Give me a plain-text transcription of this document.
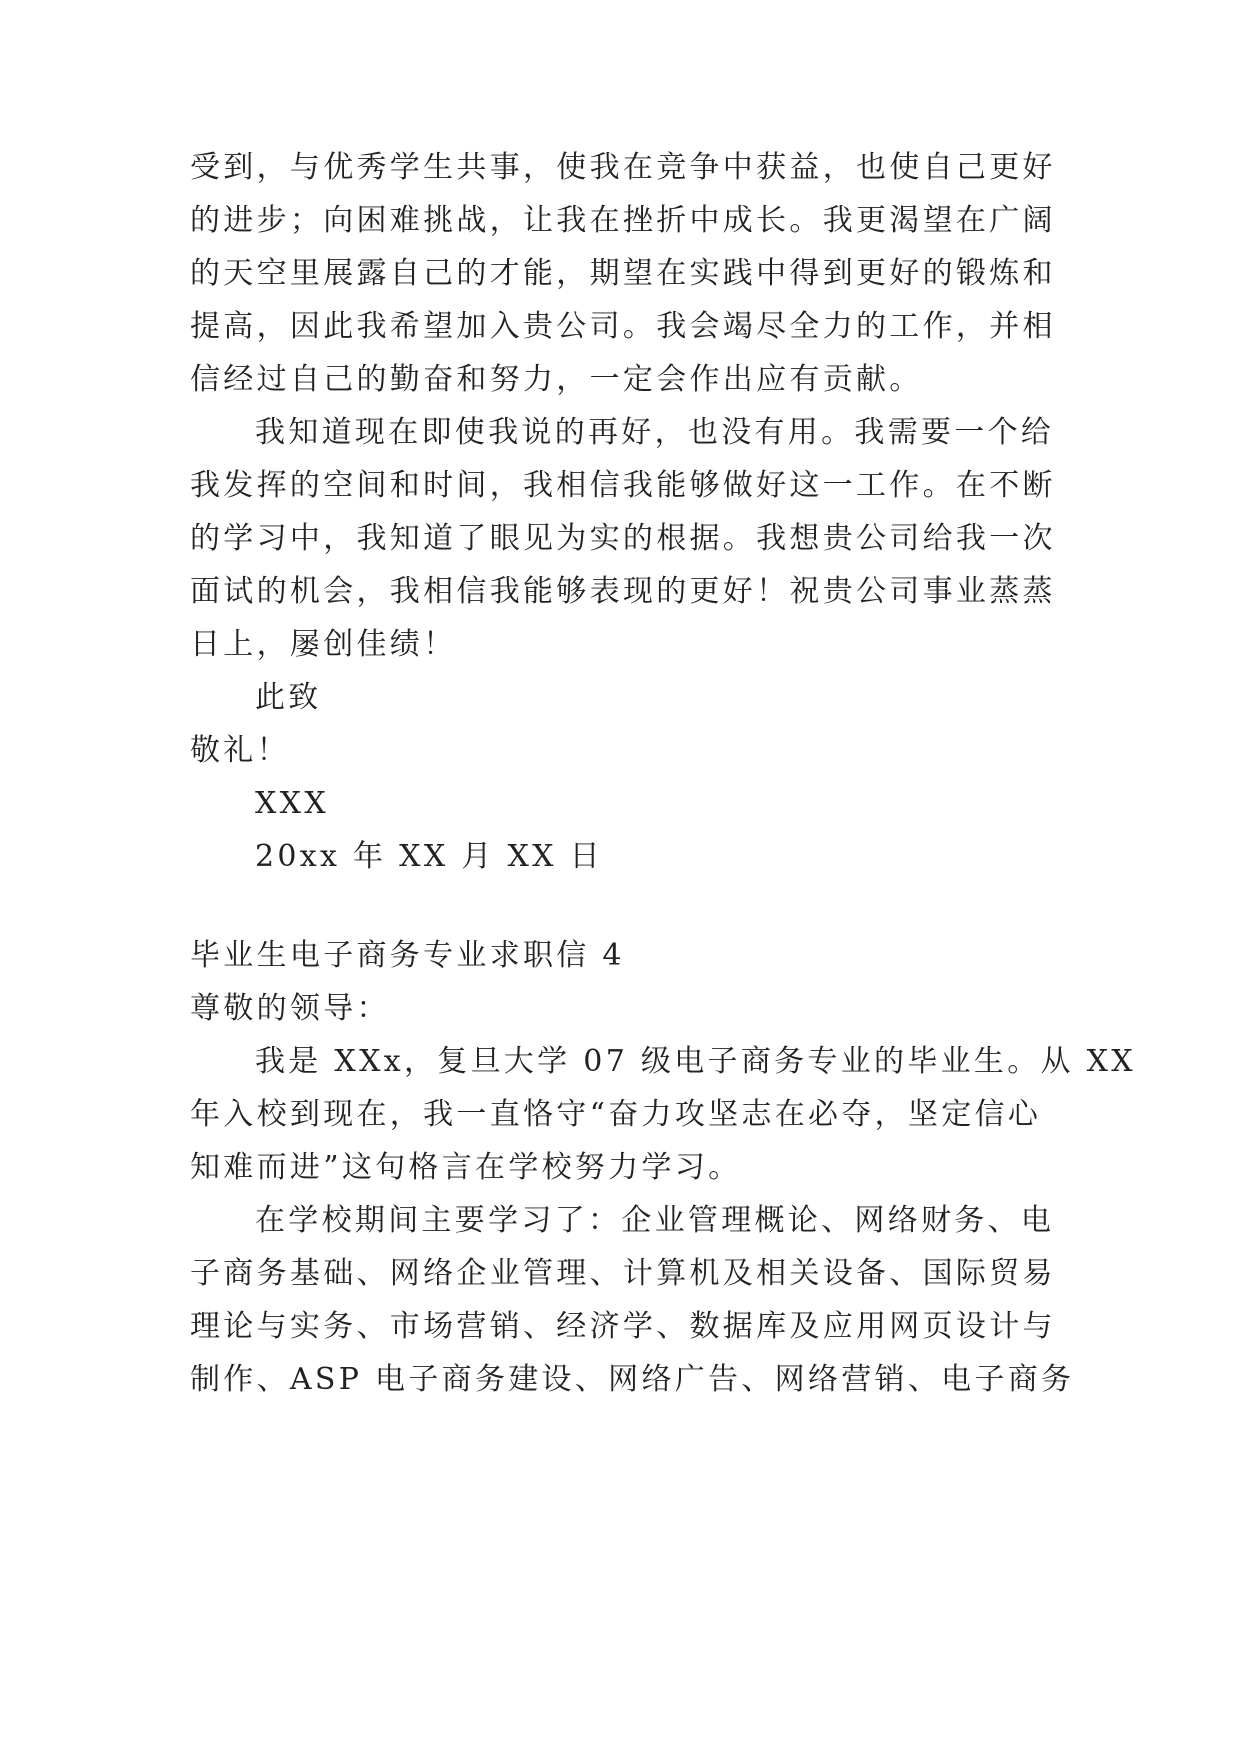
受到，与优秀学生共事，使我在竞争中获益，也使自己更好
的进步；向困难挑战，让我在挫折中成长。我更渴望在广阔
的天空里展露自己的才能，期望在实践中得到更好的锻炼和
提高，因此我希望加入贵公司。我会竭尽全力的工作，并相
信经过自己的勤奋和努力，一定会作出应有贡献。
我知道现在即使我说的再好，也没有用。我需要一个给
我发挥的空间和时间，我相信我能够做好这一工作。在不断
的学习中，我知道了眼见为实的根据。我想贵公司给我一次
面试的机会，我相信我能够表现的更好！祝贵公司事业蒸蒸
日上，屡创佳绩！
此致
敬礼！
XXX
20xx 年 XX 月 XX 日
毕业生电子商务专业求职信 4
尊敬的领导：
我是 XXx，复旦大学 07 级电子商务专业的毕业生。从 XX
年入校到现在，我一直恪守“奋力攻坚志在必夺，坚定信心
知难而进”这句格言在学校努力学习。
在学校期间主要学习了：企业管理概论、网络财务、电
子商务基础、网络企业管理、计算机及相关设备、国际贸易
理论与实务、市场营销、经济学、数据库及应用网页设计与
制作、ASP 电子商务建设、网络广告、网络营销、电子商务
